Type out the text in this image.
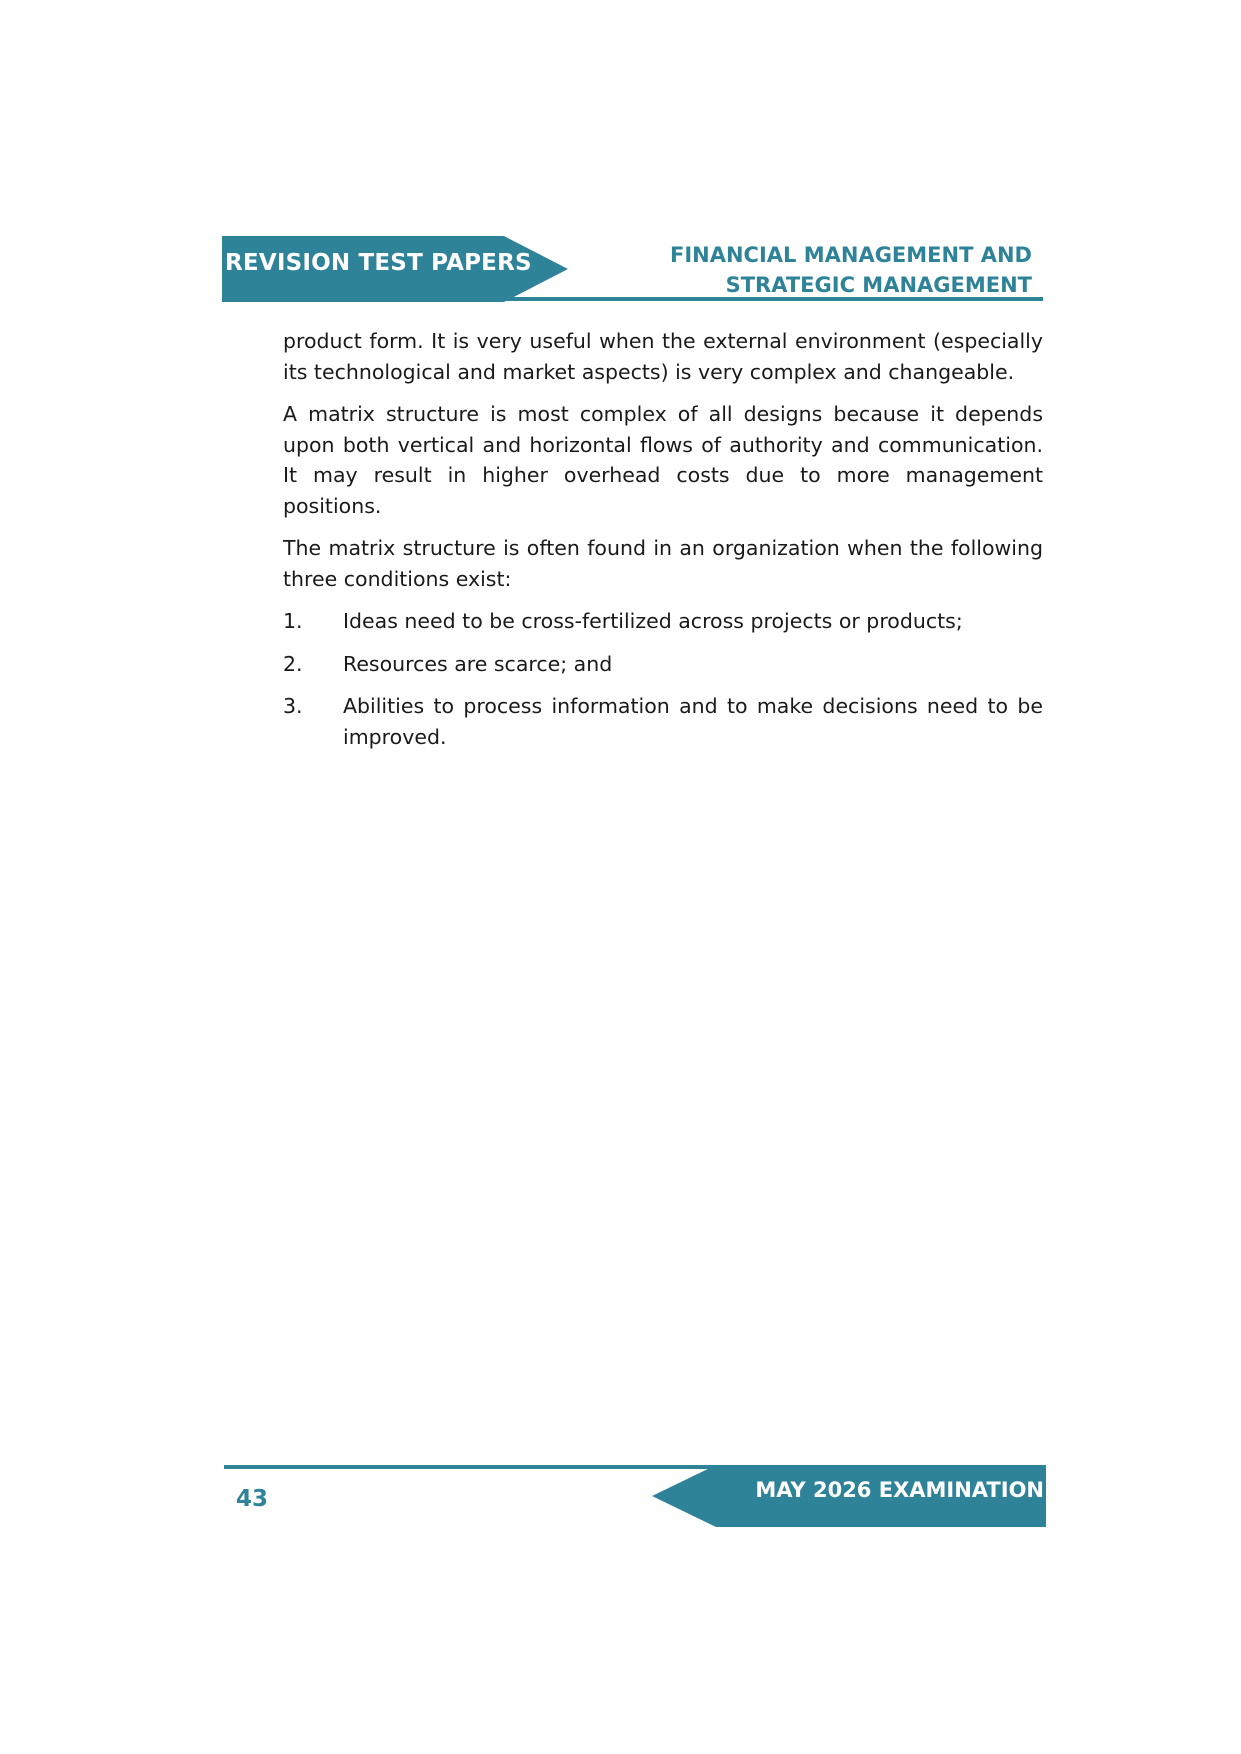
REVISION TEST PAPERS	FINANCIAL MANAGEMENT AND
STRATEGIC MANAGEMENT

product form. It is very useful when the external environment (especially its technological and market aspects) is very complex and changeable.

A matrix structure is most complex of all designs because it depends upon both vertical and horizontal flows of authority and communication. It may result in higher overhead costs due to more management positions.

The matrix structure is often found in an organization when the following three conditions exist:

1.	Ideas need to be cross-fertilized across projects or products;
2.	Resources are scarce; and
3.	Abilities to process information and to make decisions need to be improved.
43	MAY 2026 EXAMINATION
